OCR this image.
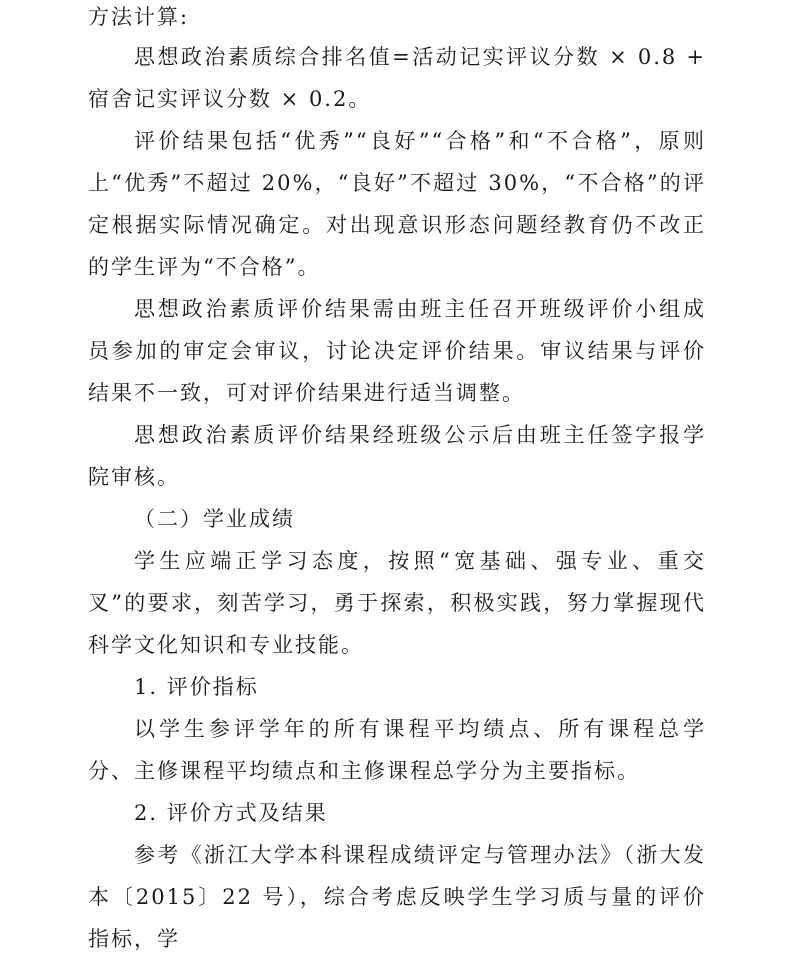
方法计算:

思想政治素质综合排名值=活动记实评议分数 × 0.8 + 宿舍记实评议分数 × 0.2。

评价结果包括“优秀”“良好”“合格”和“不合格”，原则上“优秀”不超过 20%，“良好”不超过 30%，“不合格”的评定根据实际情况确定。对出现意识形态问题经教育仍不改正的学生评为“不合格”。

思想政治素质评价结果需由班主任召开班级评价小组成员参加的审定会审议，讨论决定评价结果。审议结果与评价结果不一致，可对评价结果进行适当调整。

思想政治素质评价结果经班级公示后由班主任签字报学院审核。

（二）学业成绩

学生应端正学习态度，按照“宽基础、强专业、重交叉”的要求，刻苦学习，勇于探索，积极实践，努力掌握现代科学文化知识和专业技能。

1. 评价指标

以学生参评学年的所有课程平均绩点、所有课程总学分、主修课程平均绩点和主修课程总学分为主要指标。

2. 评价方式及结果

参考《浙江大学本科课程成绩评定与管理办法》（浙大发本〔2015〕22 号），综合考虑反映学生学习质与量的评价指标，学
